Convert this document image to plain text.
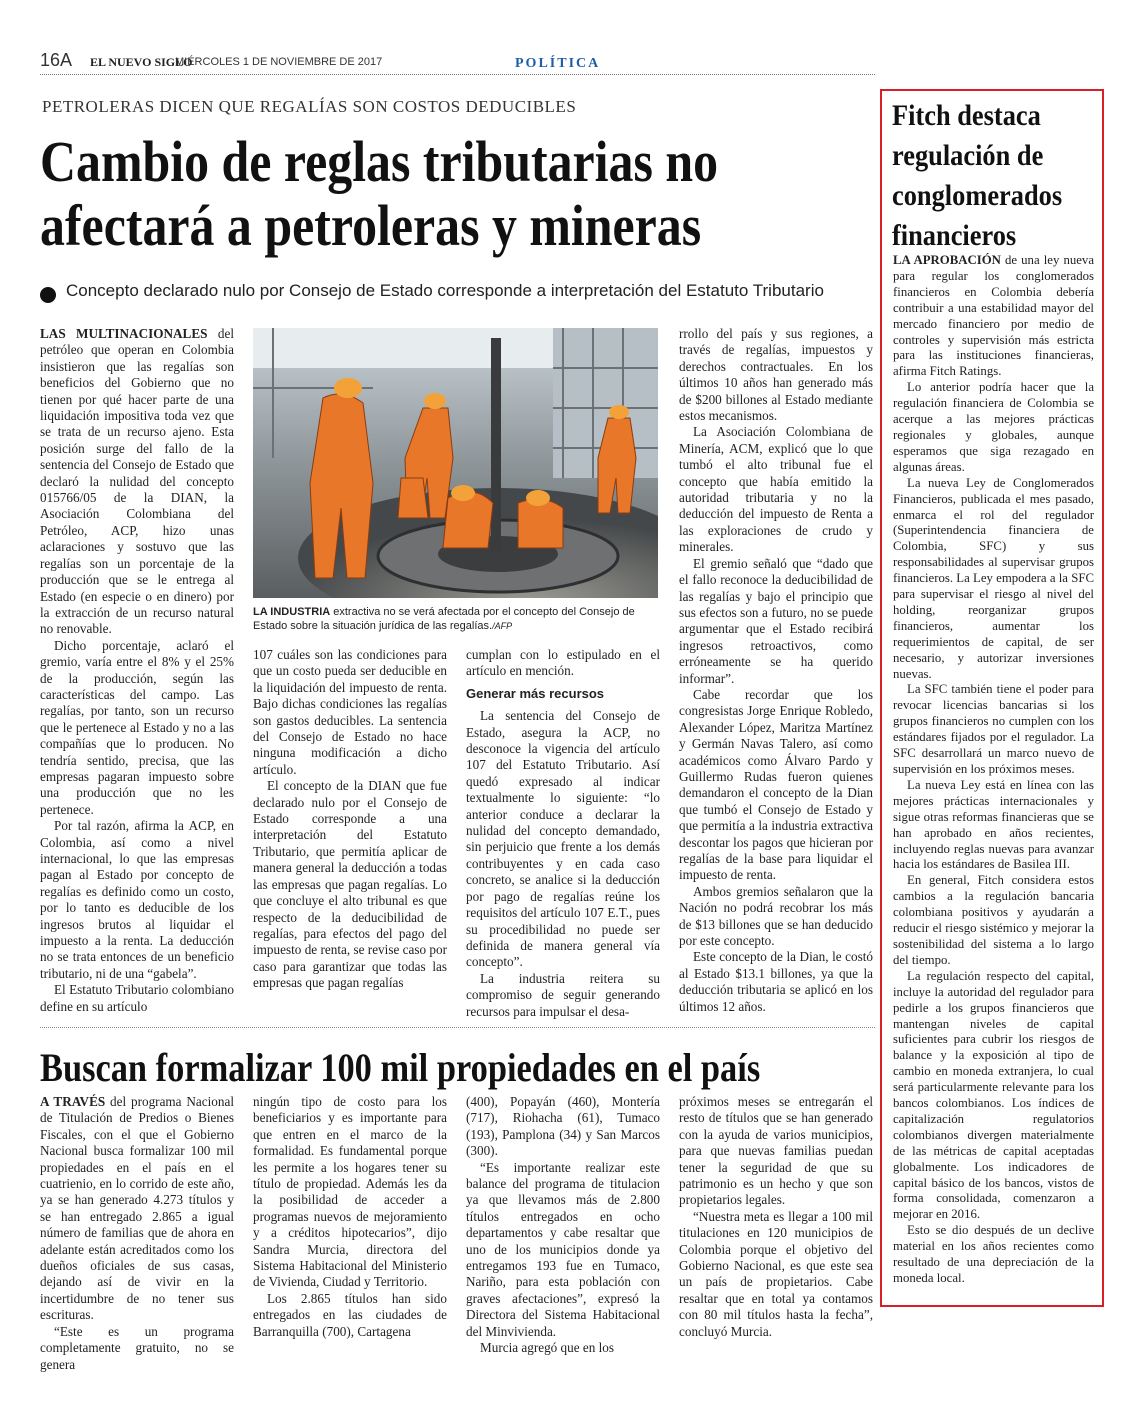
16A EL NUEVO SIGLO
MIÉRCOLES 1 DE NOVIEMBRE DE 2017	POLÍTICA
PETROLERAS DICEN QUE REGALÍAS SON COSTOS DEDUCIBLES
Cambio de reglas tributarias no
afectará a petroleras y mineras
Concepto declarado nulo por Consejo de Estado corresponde a interpretación del Estatuto Tributario

LAS MULTINACIONALES del petróleo que operan en Colombia insistieron que las regalías son beneficios del Gobierno que no tienen por qué hacer parte de una liquidación impositiva toda vez que se trata de un recurso ajeno. Esta posición surge del fallo de la sentencia del Consejo de Estado que declaró la nulidad del concepto 015766/05 de la DIAN, la Asociación Colombiana del Petróleo, ACP, hizo unas aclaraciones y sostuvo que las regalías son un porcentaje de la producción que se le entrega al Estado (en especie o en dinero) por la extracción de un recurso natural no renovable.

Dicho porcentaje, aclaró el gremio, varía entre el 8% y el 25% de la producción, según las características del campo. Las regalías, por tanto, son un recurso que le pertenece al Estado y no a las compañías que lo producen. No tendría sentido, precisa, que las empresas pagaran impuesto sobre una producción que no les pertenece.

Por tal razón, afirma la ACP, en Colombia, así como a nivel internacional, lo que las empresas pagan al Estado por concepto de regalías es definido como un costo, por lo tanto es deducible de los ingresos brutos al liquidar el impuesto a la renta. La deducción no se trata entonces de un beneficio tributario, ni de una “gabela”.

El Estatuto Tributario colombiano define en su artículo

LA INDUSTRIA extractiva no se verá afectada por el concepto del Consejo de Estado sobre la situación jurídica de las regalías./AFP

107 cuáles son las condiciones para que un costo pueda ser deducible en la liquidación del impuesto de renta. Bajo dichas condiciones las regalías son gastos deducibles. La sentencia del Consejo de Estado no hace ninguna modificación a dicho artículo.

El concepto de la DIAN que fue declarado nulo por el Consejo de Estado corresponde a una interpretación del Estatuto Tributario, que permitía aplicar de manera general la deducción a todas las empresas que pagan regalías. Lo que concluye el alto tribunal es que respecto de la deducibilidad de regalías, para efectos del pago del impuesto de renta, se revise caso por caso para garantizar que todas las empresas que pagan regalías

cumplan con lo estipulado en el artículo en mención.

Generar más recursos

La sentencia del Consejo de Estado, asegura la ACP, no desconoce la vigencia del artículo 107 del Estatuto Tributario. Así quedó expresado al indicar textualmente lo siguiente: “lo anterior conduce a declarar la nulidad del concepto demandado, sin perjuicio que frente a los demás contribuyentes y en cada caso concreto, se analice si la deducción por pago de regalías reúne los requisitos del artículo 107 E.T., pues su procedibilidad no puede ser definida de manera general vía concepto”.

La industria reitera su compromiso de seguir generando recursos para impulsar el desa-

rrollo del país y sus regiones, a través de regalías, impuestos y derechos contractuales. En los últimos 10 años han generado más de $200 billones al Estado mediante estos mecanismos.

La Asociación Colombiana de Minería, ACM, explicó que lo que tumbó el alto tribunal fue el concepto que había emitido la autoridad tributaria y no la deducción del impuesto de Renta a las exploraciones de crudo y minerales.

El gremio señaló que “dado que el fallo reconoce la deducibilidad de las regalías y bajo el principio que sus efectos son a futuro, no se puede argumentar que el Estado recibirá ingresos retroactivos, como erróneamente se ha querido informar”.

Cabe recordar que los congresistas Jorge Enrique Robledo, Alexander López, Maritza Martínez y Germán Navas Talero, así como académicos como Álvaro Pardo y Guillermo Rudas fueron quienes demandaron el concepto de la Dian que tumbó el Consejo de Estado y que permitía a la industria extractiva descontar los pagos que hicieran por regalías de la base para liquidar el impuesto de renta.

Ambos gremios señalaron que la Nación no podrá recobrar los más de $13 billones que se han deducido por este concepto.

Este concepto de la Dian, le costó al Estado $13.1 billones, ya que la deducción tributaria se aplicó en los últimos 12 años.

Buscan formalizar 100 mil propiedades en el país

A TRAVÉS del programa Nacional de Titulación de Predios o Bienes Fiscales, con el que el Gobierno Nacional busca formalizar 100 mil propiedades en el país en el cuatrienio, en lo corrido de este año, ya se han generado 4.273 títulos y se han entregado 2.865 a igual número de familias que de ahora en adelante están acreditados como los dueños oficiales de sus casas, dejando así de vivir en la incertidumbre de no tener sus escrituras.

“Este es un programa completamente gratuito, no se genera

ningún tipo de costo para los beneficiarios y es importante para que entren en el marco de la formalidad. Es fundamental porque les permite a los hogares tener su título de propiedad. Además les da la posibilidad de acceder a programas nuevos de mejoramiento y a créditos hipotecarios”, dijo Sandra Murcia, directora del Sistema Habitacional del Ministerio de Vivienda, Ciudad y Territorio.

Los 2.865 títulos han sido entregados en las ciudades de Barranquilla (700), Cartagena

(400), Popayán (460), Montería (717), Riohacha (61), Tumaco (193), Pamplona (34) y San Marcos (300).

“Es importante realizar este balance del programa de titulacion ya que llevamos más de 2.800 títulos entregados en ocho departamentos y cabe resaltar que uno de los municipios donde ya entregamos 193 fue en Tumaco, Nariño, para esta población con graves afectaciones”, expresó la Directora del Sistema Habitacional del Minvivienda.

Murcia agregó que en los

próximos meses se entregarán el resto de títulos que se han generado con la ayuda de varios municipios, para que nuevas familias puedan tener la seguridad de que su patrimonio es un hecho y que son propietarios legales.

“Nuestra meta es llegar a 100 mil titulaciones en 120 municipios de Colombia porque el objetivo del Gobierno Nacional, es que este sea un país de propietarios. Cabe resaltar que en total ya contamos con 80 mil títulos hasta la fecha”, concluyó Murcia.

Fitch destaca regulación de conglomerados financieros

LA APROBACIÓN de una ley nueva para regular los conglomerados financieros en Colombia debería contribuir a una estabilidad mayor del mercado financiero por medio de controles y supervisión más estricta para las instituciones financieras, afirma Fitch Ratings.

Lo anterior podría hacer que la regulación financiera de Colombia se acerque a las mejores prácticas regionales y globales, aunque esperamos que siga rezagado en algunas áreas.

La nueva Ley de Conglomerados Financieros, publicada el mes pasado, enmarca el rol del regulador (Superintendencia financiera de Colombia, SFC) y sus responsabilidades al supervisar grupos financieros. La Ley empodera a la SFC para supervisar el riesgo al nivel del holding, reorganizar grupos financieros, aumentar los requerimientos de capital, de ser necesario, y autorizar inversiones nuevas.

La SFC también tiene el poder para revocar licencias bancarias si los grupos financieros no cumplen con los estándares fijados por el regulador. La SFC desarrollará un marco nuevo de supervisión en los próximos meses.

La nueva Ley está en línea con las mejores prácticas internacionales y sigue otras reformas financieras que se han aprobado en años recientes, incluyendo reglas nuevas para avanzar hacia los estándares de Basilea III.

En general, Fitch considera estos cambios a la regulación bancaria colombiana positivos y ayudarán a reducir el riesgo sistémico y mejorar la sostenibilidad del sistema a lo largo del tiempo.

La regulación respecto del capital, incluye la autoridad del regulador para pedirle a los grupos financieros que mantengan niveles de capital suficientes para cubrir los riesgos de balance y la exposición al tipo de cambio en moneda extranjera, lo cual será particularmente relevante para los bancos colombianos. Los índices de capitalización regulatorios colombianos divergen materialmente de las métricas de capital aceptadas globalmente. Los indicadores de capital básico de los bancos, vistos de forma consolidada, comenzaron a mejorar en 2016.

Esto se dio después de un declive material en los años recientes como resultado de una depreciación de la moneda local.
